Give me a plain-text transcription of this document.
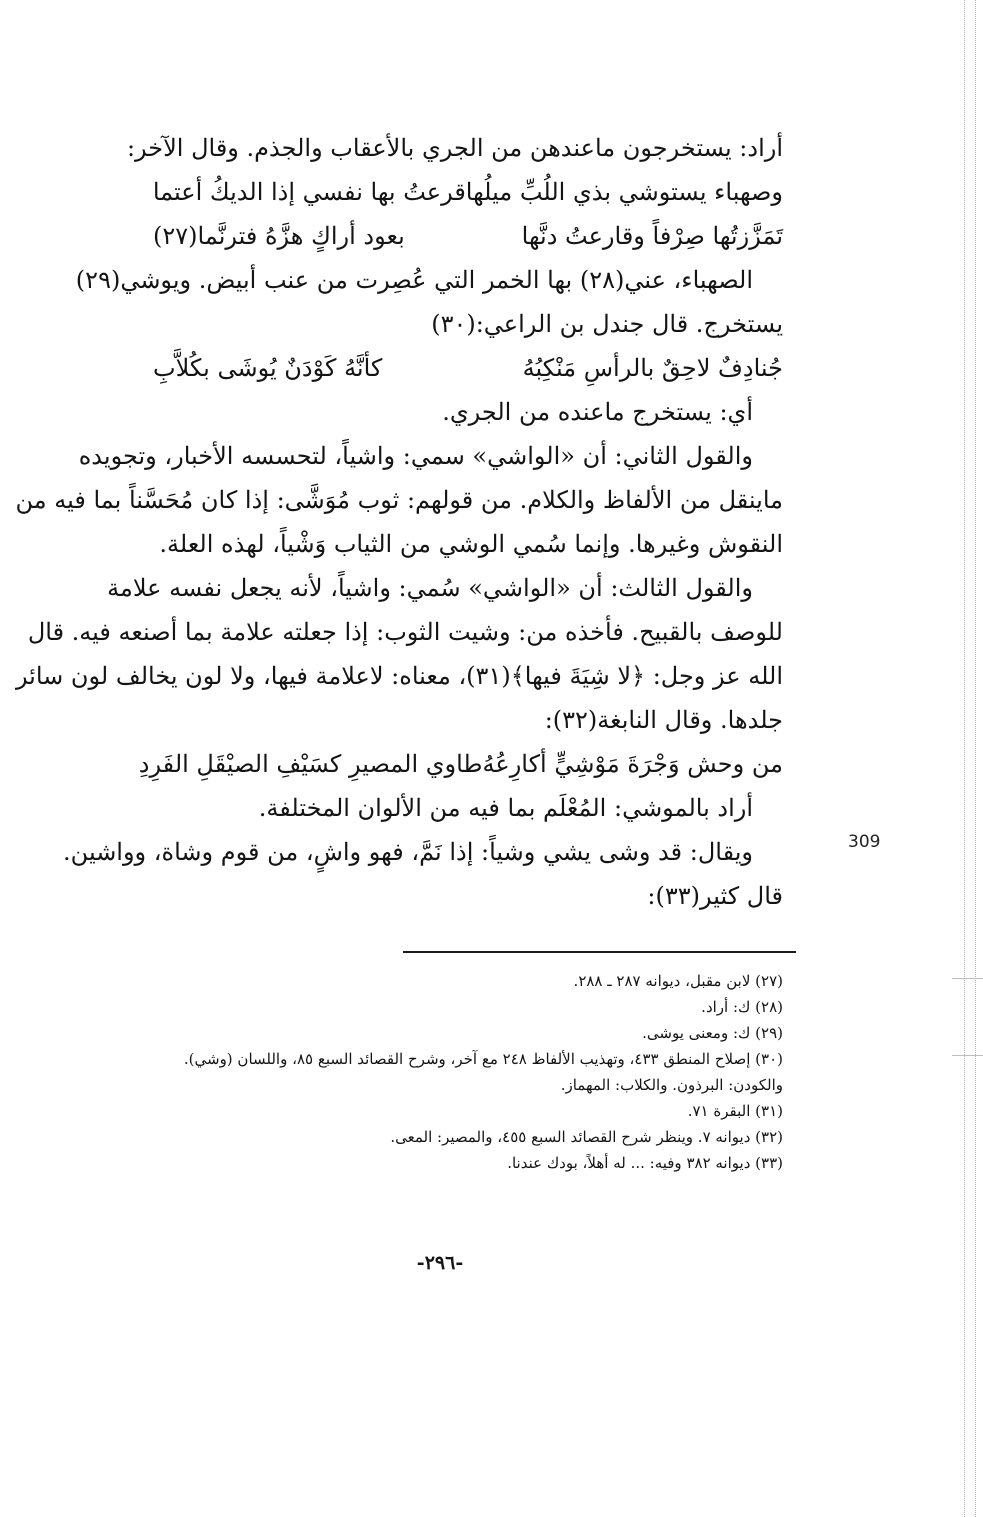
أراد: يستخرجون ماعندهن من الجري بالأعقاب والجذم. وقال الآخر:
وصهباء يستوشي بذي اللُبِّ ميلُها
قرعتُ بها نفسي إذا الديكُ أعتما
تَمَزَّزتُها صِرْفاً وقارعتُ دنَّها
بعود أراكٍ هزَّهُ فترنَّما(٢٧)
الصهباء، عني(٢٨) بها الخمر التي عُصِرت من عنب أبيض. ويوشي(٢٩)
يستخرج. قال جندل بن الراعي:(٣٠)
جُنادِفٌ لاحِقٌ بالرأسِ مَنْكِبُهُ
كأنَّهُ كَوْدَنٌ يُوشَى بكُلاَّبِ
أي: يستخرج ماعنده من الجري.
والقول الثاني: أن «الواشي» سمي: واشياً، لتحسسه الأخبار، وتجويده
ماينقل من الألفاظ والكلام. من قولهم: ثوب مُوَشَّى: إذا كان مُحَسَّناً بما فيه من
النقوش وغيرها. وإنما سُمي الوشي من الثياب وَشْياً، لهذه العلة.
والقول الثالث: أن «الواشي» سُمي: واشياً، لأنه يجعل نفسه علامة
للوصف بالقبيح. فأخذه من: وشيت الثوب: إذا جعلته علامة بما أصنعه فيه. قال
الله عز وجل: ﴿لا شِيَةَ فيها﴾(٣١)، معناه: لاعلامة فيها، ولا لون يخالف لون سائر
جلدها. وقال النابغة(٣٢):
من وحش وَجْرَةَ مَوْشِيٍّ أكارِعُهُ
طاوي المصيرِ كسَيْفِ الصيْقَلِ الفَرِدِ
أراد بالموشي: المُعْلَم بما فيه من الألوان المختلفة.
ويقال: قد وشى يشي وشياً: إذا نَمَّ، فهو واشٍ، من قوم وشاة، وواشين.
قال كثير(٣٣):
309
(٢٧) لابن مقبل، ديوانه ٢٨٧ ـ ٢٨٨.
(٢٨) ك: أراد.
(٢٩) ك: ومعنى يوشى.
(٣٠) إصلاح المنطق ٤٣٣، وتهذيب الألفاظ ٢٤٨ مع آخر، وشرح القصائد السبع ٨٥، واللسان (وشي).
والكودن: البرذون. والكلاب: المهماز.
(٣١) البقرة ٧١.
(٣٢) ديوانه ٧. وينظر شرح القصائد السبع ٤٥٥، والمصير: المعى.
(٣٣) ديوانه ٣٨٢ وفيه: ... له أهلاً، بودك عندنا.
-٢٩٦-
